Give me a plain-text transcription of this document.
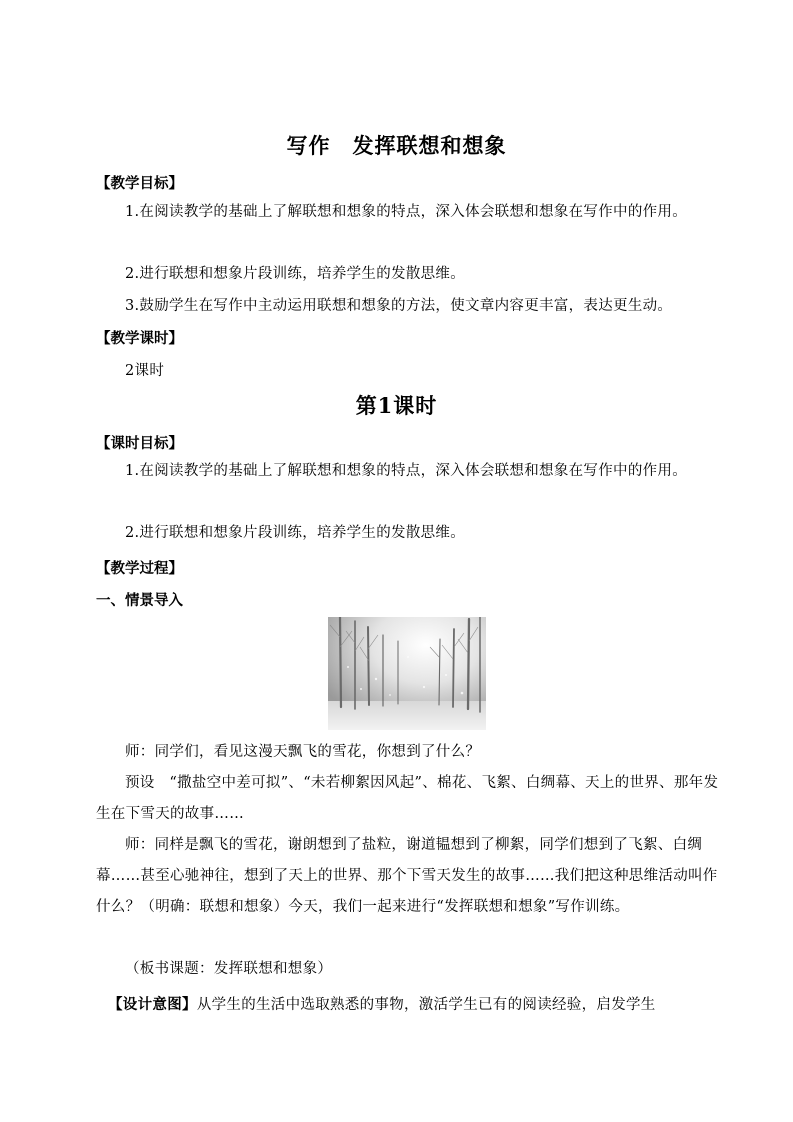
写作　发挥联想和想象
【教学目标】
1.在阅读教学的基础上了解联想和想象的特点，深入体会联想和想象在写作中的作用。
2.进行联想和想象片段训练，培养学生的发散思维。
3.鼓励学生在写作中主动运用联想和想象的方法，使文章内容更丰富，表达更生动。
【教学课时】
2课时
第1课时
【课时目标】
1.在阅读教学的基础上了解联想和想象的特点，深入体会联想和想象在写作中的作用。
2.进行联想和想象片段训练，培养学生的发散思维。
【教学过程】
一、情景导入
师：同学们，看见这漫天飘飞的雪花，你想到了什么？
预设　“撒盐空中差可拟”、“未若柳絮因风起”、棉花、飞絮、白绸幕、天上的世界、那年发生在下雪天的故事……
师：同样是飘飞的雪花，谢朗想到了盐粒，谢道韫想到了柳絮，同学们想到了飞絮、白绸幕……甚至心驰神往，想到了天上的世界、那个下雪天发生的故事……我们把这种思维活动叫作什么？（明确：联想和想象）今天，我们一起来进行“发挥联想和想象”写作训练。
（板书课题：发挥联想和想象）
【设计意图】从学生的生活中选取熟悉的事物，激活学生已有的阅读经验，启发学生
